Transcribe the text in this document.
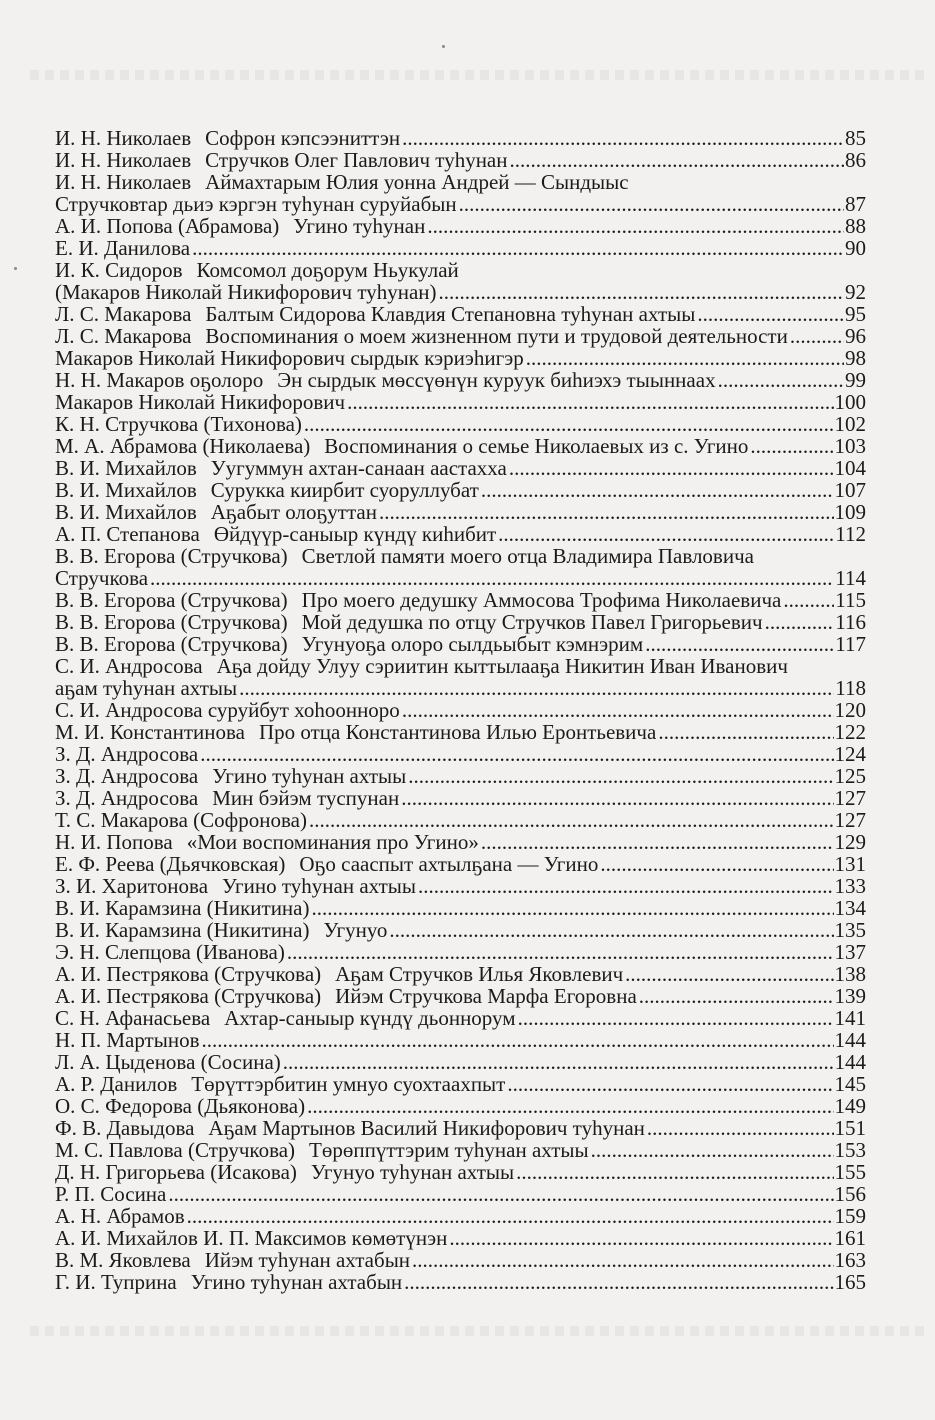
И. Н. Николаев Софрон кэпсээниттэн .....	85
И. Н. Николаев Стручков Олег Павлович туһунан .....	86
И. Н. Николаев Аймахтарым Юлия уонна Андрей — Сындыыс
Стручковтар дьиэ кэргэн туһунан суруйабын .....	87
А. И. Попова (Абрамова) Угино туһунан .....	88
Е. И. Данилова .....	90
И. К. Сидоров Комсомол доҕорум Ньукулай
(Макаров Николай Никифорович туһунан) .....	92
Л. С. Макарова Балтым Сидорова Клавдия Степановна туһунан ахтыы .....	95
Л. С. Макарова Воспоминания о моем жизненном пути и трудовой деятельности .....	96
Макаров Николай Никифорович сырдык кэриэһигэр .....	98
Н. Н. Макаров оҕолоро Эн сырдык мөссүөнүн куруук биһиэхэ тыыннаах .....	99
Макаров Николай Никифорович .....	100
К. Н. Стручкова (Тихонова) .....	102
М. А. Абрамова (Николаева) Воспоминания о семье Николаевых из с. Угино .....	103
В. И. Михайлов Уугуммун ахтан-санаан аастахха .....	104
В. И. Михайлов Сурукка киирбит суоруллубат .....	107
В. И. Михайлов Аҕабыт олоҕуттан .....	109
А. П. Степанова Өйдүүр-саныыр күндү киһибит .....	112
В. В. Егорова (Стручкова) Светлой памяти моего отца Владимира Павловича
Стручкова .....	114
В. В. Егорова (Стручкова) Про моего дедушку Аммосова Трофима Николаевича .....	115
В. В. Егорова (Стручкова) Мой дедушка по отцу Стручков Павел Григорьевич .....	116
В. В. Егорова (Стручкова) Угунуоҕа олоро сылдьыбыт кэмнэрим .....	117
С. И. Андросова Аҕа дойду Улуу сэриитин кыттылааҕа Никитин Иван Иванович
аҕам туһунан ахтыы .....	118
С. И. Андросова суруйбут хоһоонноро .....	120
М. И. Константинова Про отца Константинова Илью Еронтьевича .....	122
З. Д. Андросова .....	124
З. Д. Андросова Угино туһунан ахтыы .....	125
З. Д. Андросова Мин бэйэм туспунан .....	127
Т. С. Макарова (Софронова) .....	127
Н. И. Попова «Мои воспоминания про Угино» .....	129
Е. Ф. Реева (Дьячковская) Оҕо сааспыт ахтылҕана — Угино .....	131
З. И. Харитонова Угино туһунан ахтыы .....	133
В. И. Карамзина (Никитина) .....	134
В. И. Карамзина (Никитина) Угунуо .....	135
Э. Н. Слепцова (Иванова) .....	137
А. И. Пестрякова (Стручкова) Аҕам Стручков Илья Яковлевич .....	138
А. И. Пестрякова (Стручкова) Ийэм Стручкова Марфа Егоровна .....	139
С. Н. Афанасьева Ахтар-саныыр күндү дьоннорум .....	141
Н. П. Мартынов .....	144
Л. А. Цыденова (Сосина) .....	144
А. Р. Данилов Төрүттэрбитин умнуо суохтаахпыт .....	145
О. С. Федорова (Дьяконова) .....	149
Ф. В. Давыдова Аҕам Мартынов Василий Никифорович туһунан .....	151
М. С. Павлова (Стручкова) Төрөппүттэрим туһунан ахтыы .....	153
Д. Н. Григорьева (Исакова) Угунуо туһунан ахтыы .....	155
Р. П. Сосина .....	156
А. Н. Абрамов .....	159
А. И. Михайлов И. П. Максимов көмөтүнэн .....	161
В. М. Яковлева Ийэм туһунан ахтабын .....	163
Г. И. Туприна Угино туһунан ахтабын .....	165
